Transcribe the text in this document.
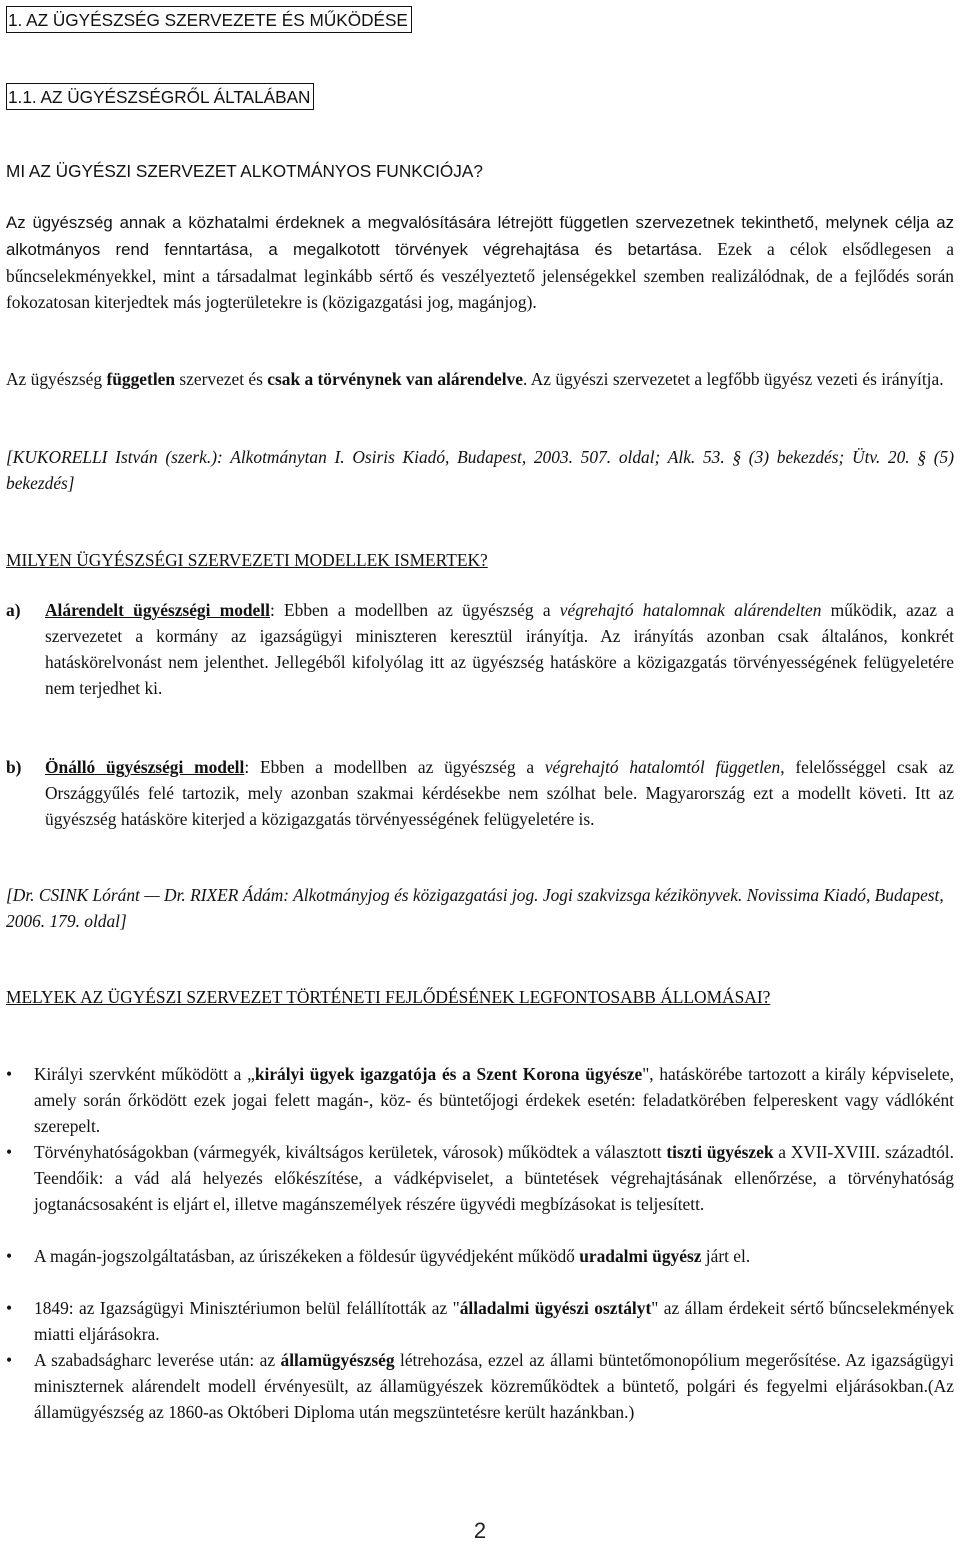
1. AZ ÜGYÉSZSÉG SZERVEZETE ÉS MŰKÖDÉSE
1.1. AZ ÜGYÉSZSÉGRŐL ÁLTALÁBAN

MI AZ ÜGYÉSZI SZERVEZET ALKOTMÁNYOS FUNKCIÓJA?

Az ügyészség annak a közhatalmi érdeknek a megvalósítására létrejött független szervezetnek tekinthető, melynek célja az alkotmányos rend fenntartása, a megalkotott törvények végrehajtása és betartása. Ezek a célok elsődlegesen a bűncselekményekkel, mint a társadalmat leginkább sértő és veszélyeztető jelenségekkel szemben realizálódnak, de a fejlődés során fokozatosan kiterjedtek más jogterületekre is (közigazgatási jog, magánjog).

Az ügyészség független szervezet és csak a törvénynek van alárendelve. Az ügyészi szervezetet a legfőbb ügyész vezeti és irányítja.

[KUKORELLI István (szerk.): Alkotmánytan I. Osiris Kiadó, Budapest, 2003. 507. oldal; Alk. 53. § (3) bekezdés; Ütv. 20. § (5) bekezdés]

MILYEN ÜGYÉSZSÉGI SZERVEZETI MODELLEK ISMERTEK?

a) Alárendelt ügyészségi modell: Ebben a modellben az ügyészség a végrehajtó hatalomnak alárendelten működik, azaz a szervezetet a kormány az igazságügyi miniszteren keresztül irányítja. Az irányítás azonban csak általános, konkrét hatáskörelvonást nem jelenthet. Jellegéből kifolyólag itt az ügyészség hatásköre a közigazgatás törvényességének felügyeletére nem terjedhet ki.

b) Önálló ügyészségi modell: Ebben a modellben az ügyészség a végrehajtó hatalomtól független, felelősséggel csak az Országgyűlés felé tartozik, mely azonban szakmai kérdésekbe nem szólhat bele. Magyarország ezt a modellt követi. Itt az ügyészség hatásköre kiterjed a közigazgatás törvényességének felügyeletére is.

[Dr. CSINK Lóránt — Dr. RIXER Ádám: Alkotmányjog és közigazgatási jog. Jogi szakvizsga kézikönyvek. Novissima Kiadó, Budapest, 2006. 179. oldal]

MELYEK AZ ÜGYÉSZI SZERVEZET TÖRTÉNETI FEJLŐDÉSÉNEK LEGFONTOSABB ÁLLOMÁSAI?

• Királyi szervként működött a „királyi ügyek igazgatója és a Szent Korona ügyésze", hatáskörébe tartozott a király képviselete, amely során őrködött ezek jogai felett magán-, köz- és büntetőjogi érdekek esetén: feladatkörében felpereskent vagy vádlóként szerepelt.

• Törvényhatóságokban (vármegyék, kiváltságos kerületek, városok) működtek a választott tiszti ügyészek a XVII-XVIII. századtól. Teendőik: a vád alá helyezés előkészítése, a vádképviselet, a büntetések végrehajtásának ellenőrzése, a törvényhatóság jogtanácsosaként is eljárt el, illetve magánszemélyek részére ügyvédi megbízásokat is teljesített.

• A magán-jogszolgáltatásban, az úriszékeken a földesúr ügyvédjeként működő uradalmi ügyész járt el.

• 1849: az Igazságügyi Minisztériumon belül felállították az "álladalmi ügyészi osztályt" az állam érdekeit sértő bűncselekmények miatti eljárásokra.

• A szabadságharc leverése után: az államügyészség létrehozása, ezzel az állami büntetőmonopólium megerősítése. Az igazságügyi miniszternek alárendelt modell érvényesült, az államügyészek közreműködtek a büntető, polgári és fegyelmi eljárásokban.(Az államügyészség az 1860-as Októberi Diploma után megszüntetésre került hazánkban.)

2
